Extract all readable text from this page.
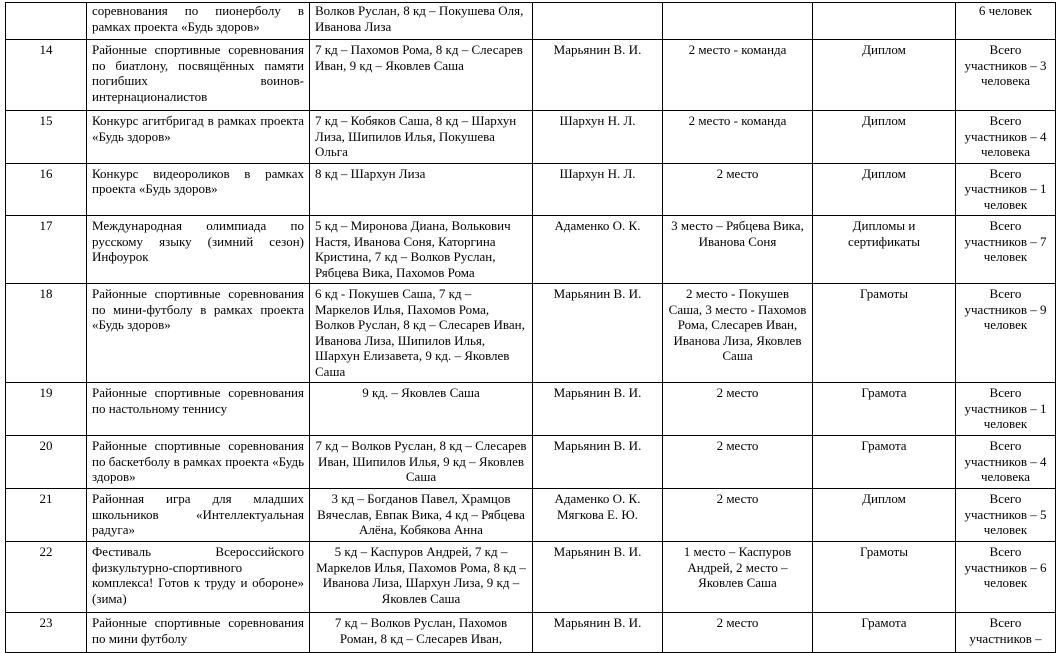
	соревнования по пионерболу в рамках проекта «Будь здоров»	Волков Руслан, 8 кд – Покушева Оля, Иванова Лиза				6 человек
14	Районные спортивные соревнования по биатлону, посвящённых памяти погибших воинов-интернационалистов	7 кд – Пахомов Рома, 8 кд – Слесарев Иван, 9 кд – Яковлев Саша	Марьянин В. И.	2 место - команда	Диплом	Всего участников – 3 человека
15	Конкурс агитбригад в рамках проекта «Будь здоров»	7 кд – Кобяков Саша, 8 кд – Шархун Лиза, Шипилов Илья, Покушева Ольга	Шархун Н. Л.	2 место - команда	Диплом	Всего участников – 4 человека
16	Конкурс видеороликов в рамках проекта «Будь здоров»	8 кд – Шархун Лиза	Шархун Н. Л.	2 место	Диплом	Всего участников – 1 человек
17	Международная олимпиада по русскому языку (зимний сезон) Инфоурок	5 кд – Миронова Диана, Волькович Настя, Иванова Соня, Каторгина Кристина, 7 кд – Волков Руслан, Рябцева Вика, Пахомов Рома	Адаменко О. К.	3 место – Рябцева Вика, Иванова Соня	Дипломы и сертификаты	Всего участников – 7 человек
18	Районные спортивные соревнования по мини-футболу в рамках проекта «Будь здоров»	6 кд - Покушев Саша, 7 кд – Маркелов Илья, Пахомов Рома, Волков Руслан, 8 кд – Слесарев Иван, Иванова Лиза, Шипилов Илья, Шархун Елизавета, 9 кд. – Яковлев Саша	Марьянин В. И.	2 место - Покушев Саша, 3 место - Пахомов Рома, Слесарев Иван, Иванова Лиза, Яковлев Саша	Грамоты	Всего участников – 9 человек
19	Районные спортивные соревнования по настольному теннису	9 кд. – Яковлев Саша	Марьянин В. И.	2 место	Грамота	Всего участников – 1 человек
20	Районные спортивные соревнования по баскетболу в рамках проекта «Будь здоров»	7 кд – Волков Руслан, 8 кд – Слесарев Иван, Шипилов Илья, 9 кд – Яковлев Саша	Марьянин В. И.	2 место	Грамота	Всего участников – 4 человека
21	Районная игра для младших школьников «Интеллектуальная радуга»	3 кд – Богданов Павел, Храмцов Вячеслав, Евпак Вика, 4 кд – Рябцева Алёна, Кобякова Анна	Адаменко О. К. Мягкова Е. Ю.	2 место	Диплом	Всего участников – 5 человек
22	Фестиваль Всероссийского физкультурно-спортивного комплекса! Готов к труду и обороне» (зима)	5 кд – Каспуров Андрей, 7 кд – Маркелов Илья, Пахомов Рома, 8 кд – Иванова Лиза, Шархун Лиза, 9 кд – Яковлев Саша	Марьянин В. И.	1 место – Каспуров Андрей, 2 место – Яковлев Саша	Грамоты	Всего участников – 6 человек
23	Районные спортивные соревнования по мини футболу	7 кд – Волков Руслан, Пахомов Роман, 8 кд – Слесарев Иван,	Марьянин В. И.	2 место	Грамота	Всего участников –
